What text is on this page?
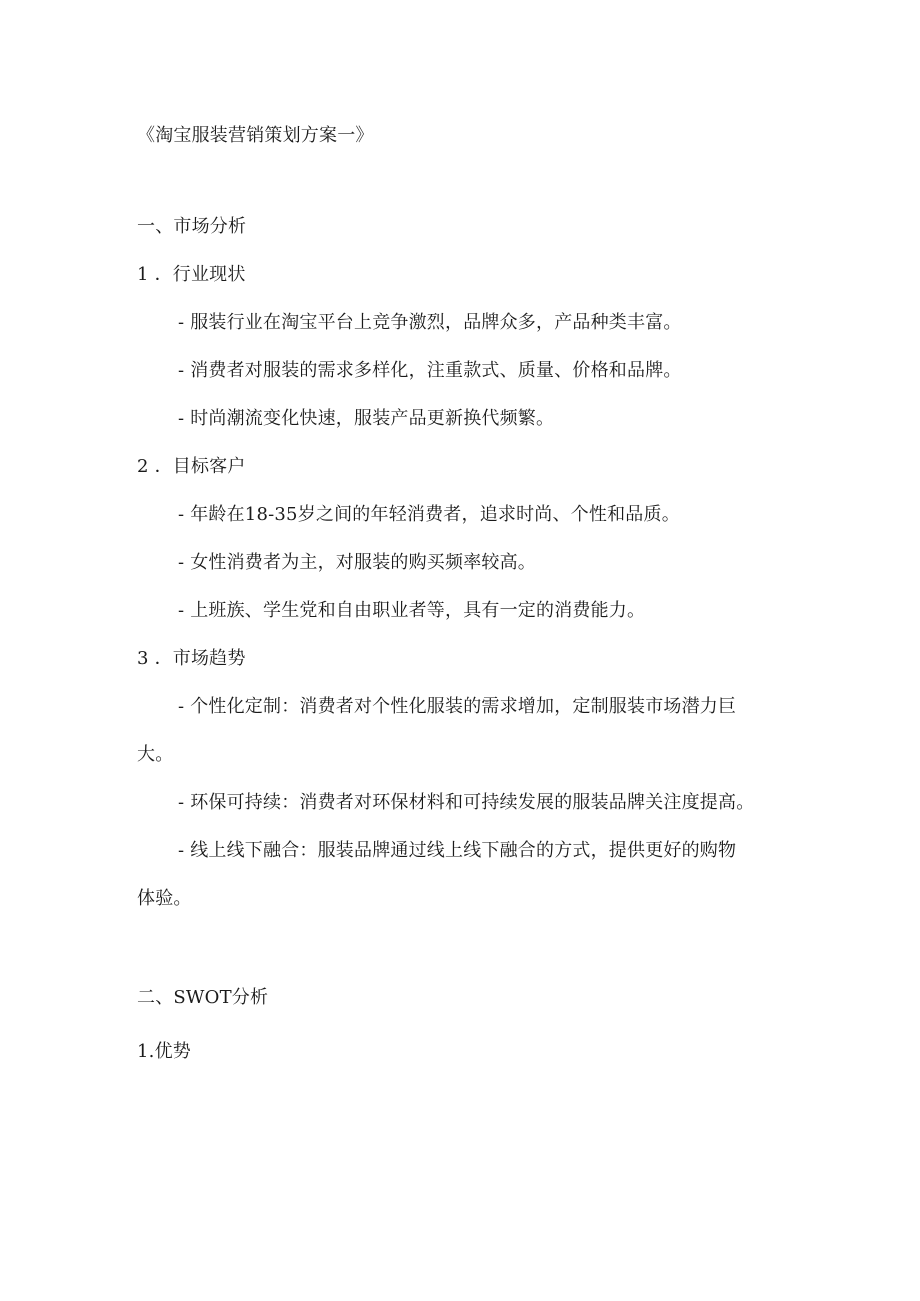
《淘宝服装营销策划方案一》
一、市场分析
1 ．行业现状
- 服装行业在淘宝平台上竞争激烈，品牌众多，产品种类丰富。
- 消费者对服装的需求多样化，注重款式、质量、价格和品牌。
- 时尚潮流变化快速，服装产品更新换代频繁。
2 ．目标客户
- 年龄在18-35岁之间的年轻消费者，追求时尚、个性和品质。
- 女性消费者为主，对服装的购买频率较高。
- 上班族、学生党和自由职业者等，具有一定的消费能力。
3 ．市场趋势
- 个性化定制：消费者对个性化服装的需求增加，定制服装市场潜力巨
大。
- 环保可持续：消费者对环保材料和可持续发展的服装品牌关注度提高。
- 线上线下融合：服装品牌通过线上线下融合的方式，提供更好的购物
体验。
二、SWOT分析
1.优势
